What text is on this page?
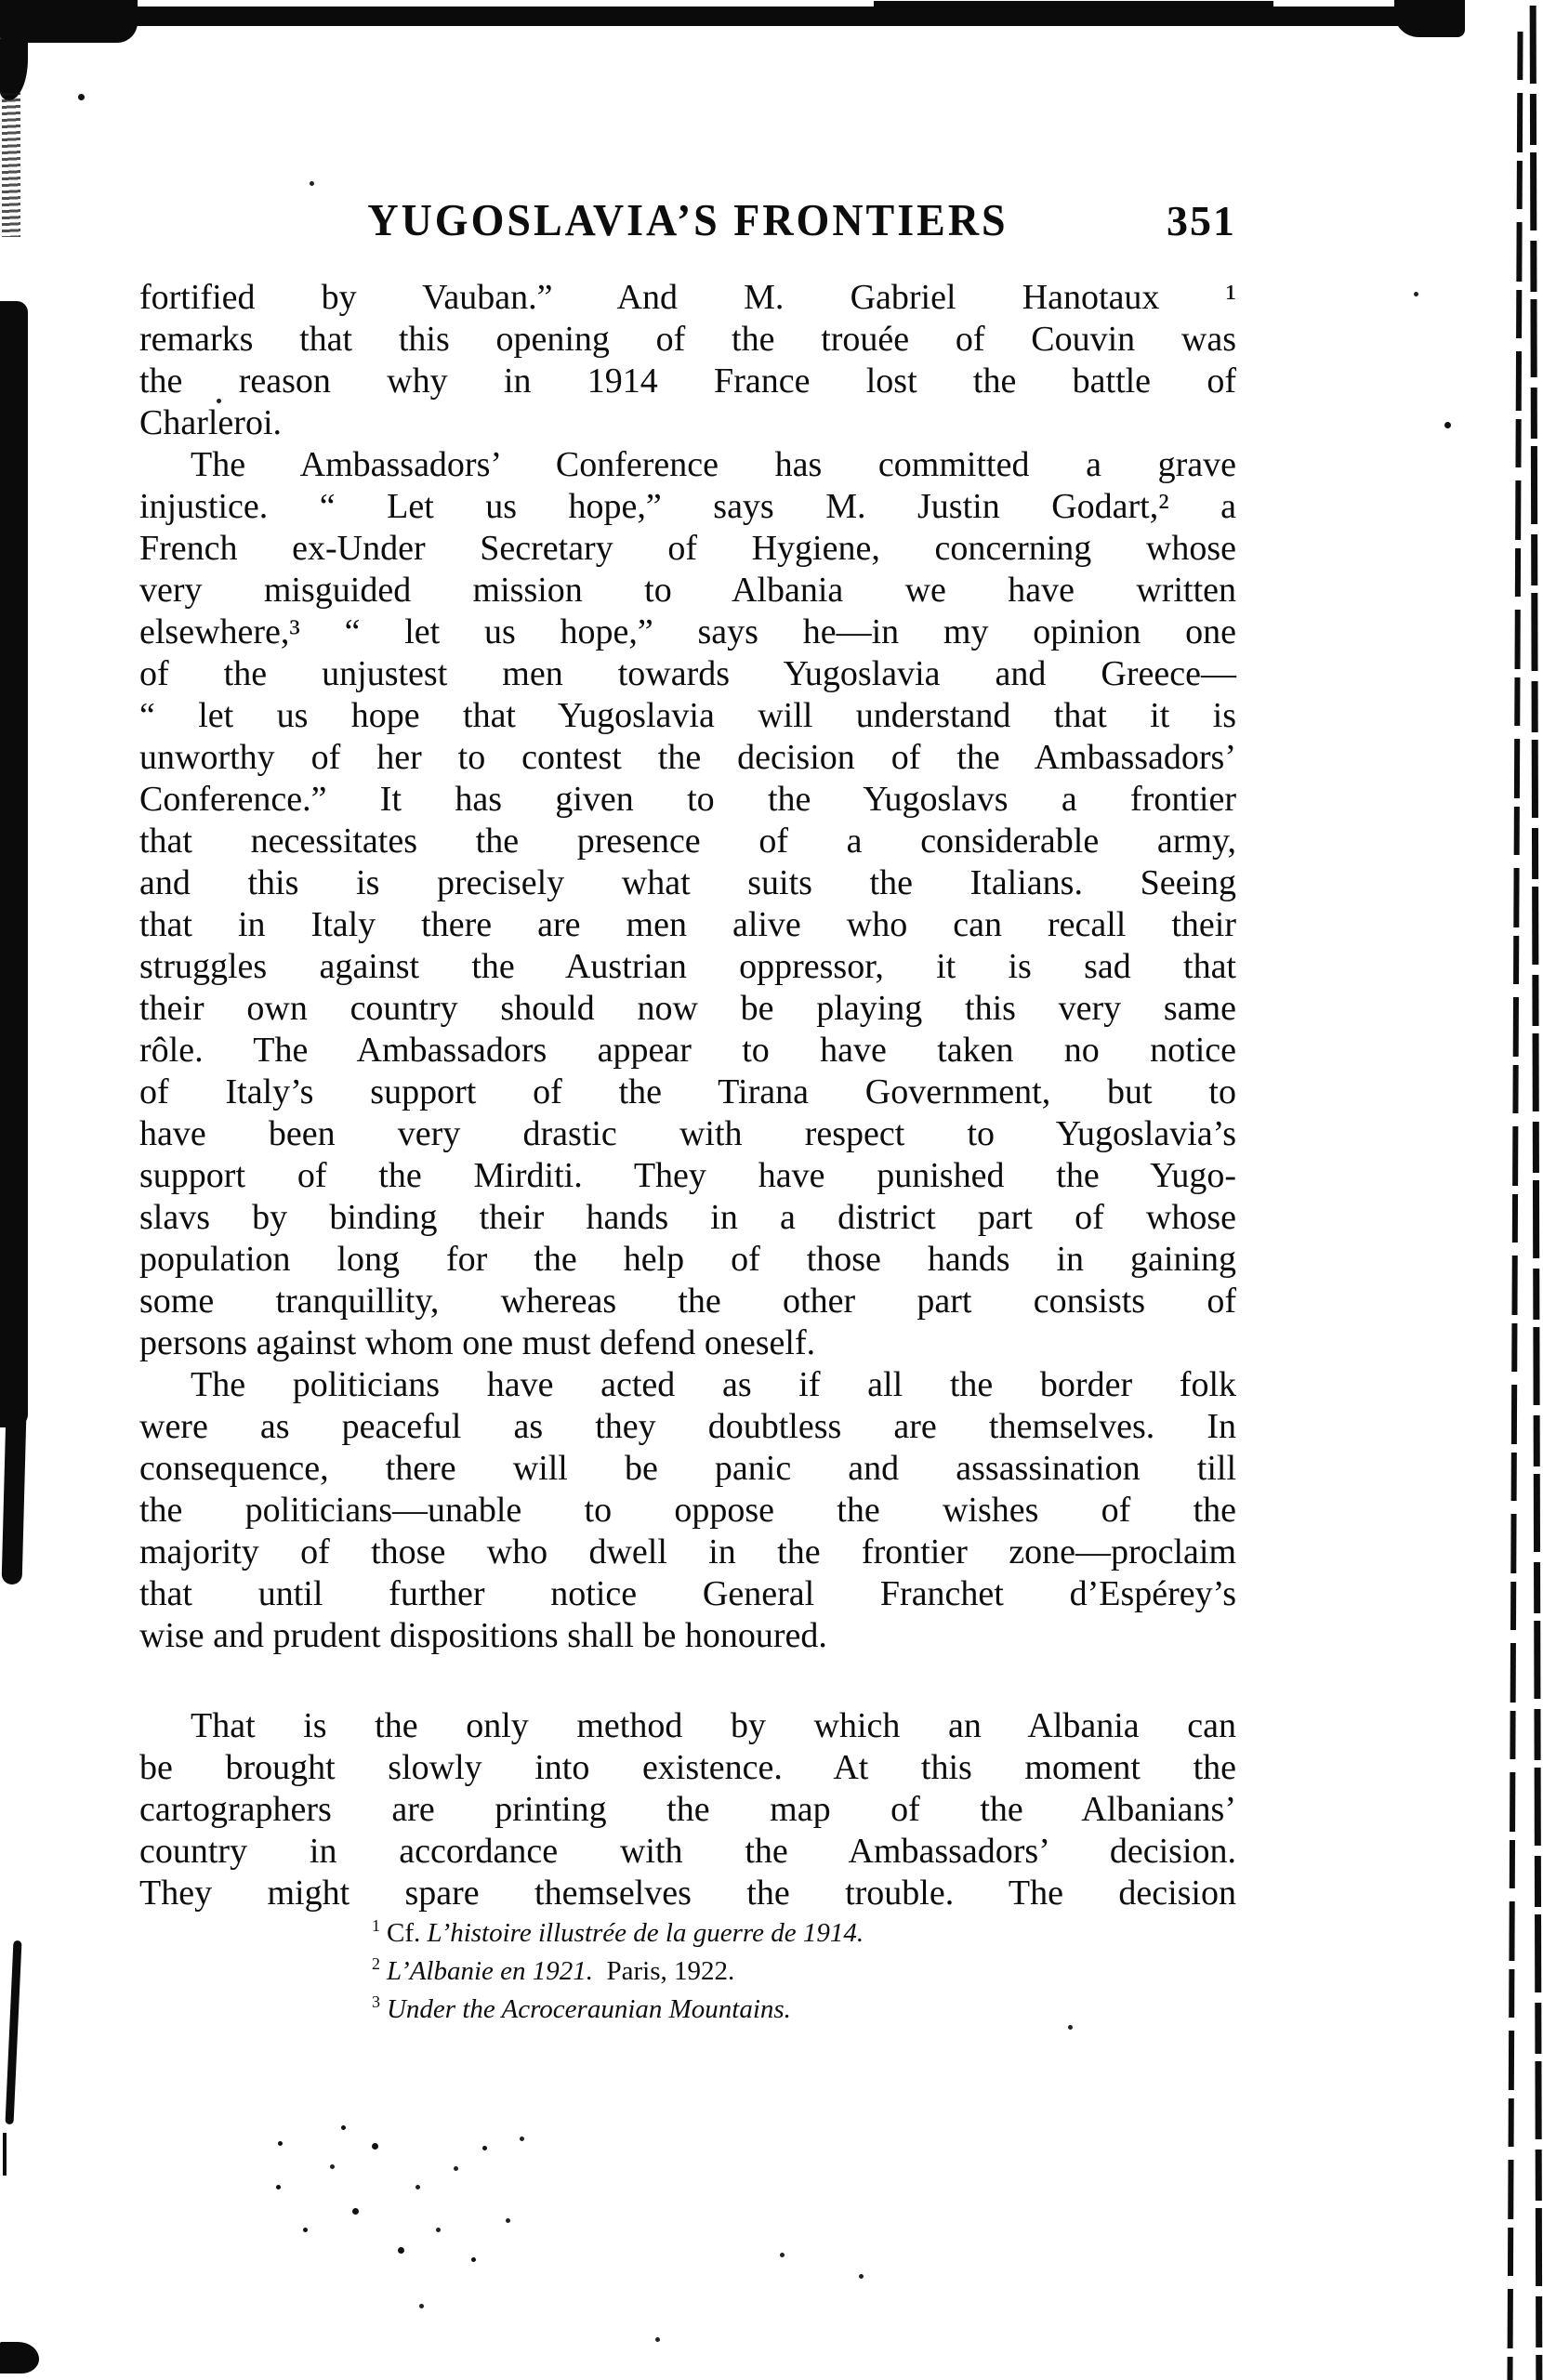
YUGOSLAVIA’S FRONTIERS	351
fortified by Vauban.” And M. Gabriel Hanotaux ¹
remarks that this opening of the trouée of Couvin was
the reason why in 1914 France lost the battle of
Charleroi.
The Ambassadors’ Conference has committed a grave
injustice. “ Let us hope,” says M. Justin Godart,² a
French ex-Under Secretary of Hygiene, concerning whose
very misguided mission to Albania we have written
elsewhere,³ “ let us hope,” says he—in my opinion one
of the unjustest men towards Yugoslavia and Greece—
“ let us hope that Yugoslavia will understand that it is
unworthy of her to contest the decision of the Ambassadors’
Conference.” It has given to the Yugoslavs a frontier
that necessitates the presence of a considerable army,
and this is precisely what suits the Italians. Seeing
that in Italy there are men alive who can recall their
struggles against the Austrian oppressor, it is sad that
their own country should now be playing this very same
rôle. The Ambassadors appear to have taken no notice
of Italy’s support of the Tirana Government, but to
have been very drastic with respect to Yugoslavia’s
support of the Mirditi. They have punished the Yugo-
slavs by binding their hands in a district part of whose
population long for the help of those hands in gaining
some tranquillity, whereas the other part consists of
persons against whom one must defend oneself.
The politicians have acted as if all the border folk
were as peaceful as they doubtless are themselves. In
consequence, there will be panic and assassination till
the politicians—unable to oppose the wishes of the
majority of those who dwell in the frontier zone—proclaim
that until further notice General Franchet d’Espérey’s
wise and prudent dispositions shall be honoured.
That is the only method by which an Albania can
be brought slowly into existence. At this moment the
cartographers are printing the map of the Albanians’
country in accordance with the Ambassadors’ decision.
They might spare themselves the trouble. The decision
$^1$ Cf. L’histoire illustrée de la guerre de 1914.
$^2$ L’Albanie en 1921. Paris, 1922.
$^3$ Under the Acroceraunian Mountains.
